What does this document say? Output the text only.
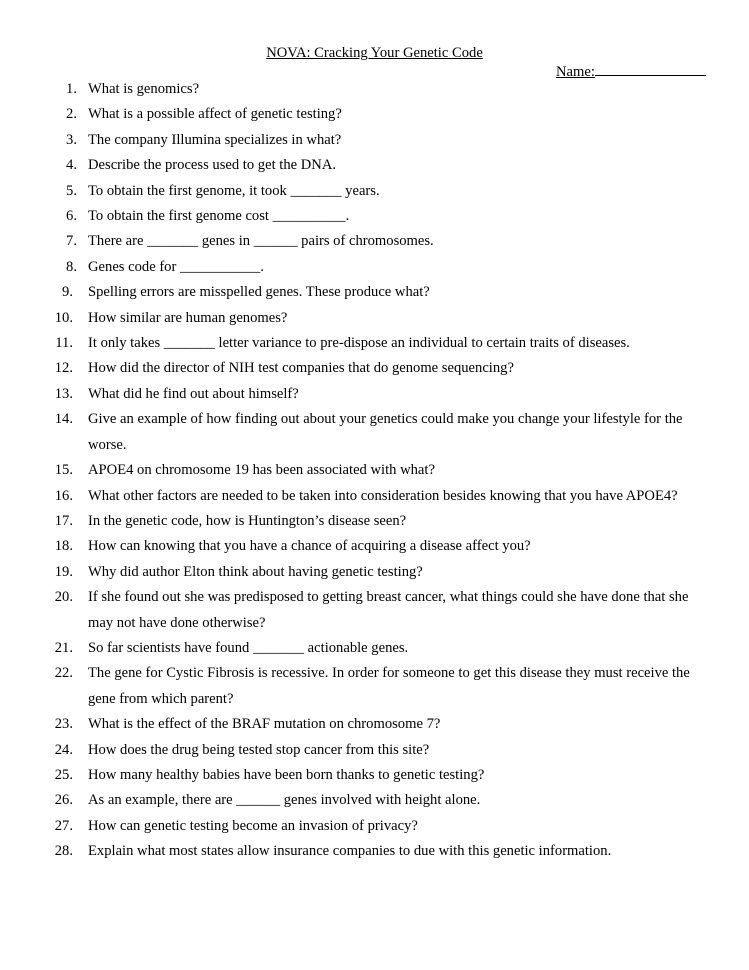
NOVA: Cracking Your Genetic Code
Name:
1. What is genomics?
2. What is a possible affect of genetic testing?
3. The company Illumina specializes in what?
4. Describe the process used to get the DNA.
5. To obtain the first genome, it took _______ years.
6. To obtain the first genome cost __________.
7. There are _______ genes in ______ pairs of chromosomes.
8. Genes code for ___________.
9. Spelling errors are misspelled genes. These produce what?
10. How similar are human genomes?
11. It only takes _______ letter variance to pre-dispose an individual to certain traits of diseases.
12. How did the director of NIH test companies that do genome sequencing?
13. What did he find out about himself?
14. Give an example of how finding out about your genetics could make you change your lifestyle for the worse.
15. APOE4 on chromosome 19 has been associated with what?
16. What other factors are needed to be taken into consideration besides knowing that you have APOE4?
17. In the genetic code, how is Huntington’s disease seen?
18. How can knowing that you have a chance of acquiring a disease affect you?
19. Why did author Elton think about having genetic testing?
20. If she found out she was predisposed to getting breast cancer, what things could she have done that she may not have done otherwise?
21. So far scientists have found _______ actionable genes.
22. The gene for Cystic Fibrosis is recessive. In order for someone to get this disease they must receive the gene from which parent?
23. What is the effect of the BRAF mutation on chromosome 7?
24. How does the drug being tested stop cancer from this site?
25. How many healthy babies have been born thanks to genetic testing?
26. As an example, there are ______ genes involved with height alone.
27. How can genetic testing become an invasion of privacy?
28. Explain what most states allow insurance companies to due with this genetic information.
